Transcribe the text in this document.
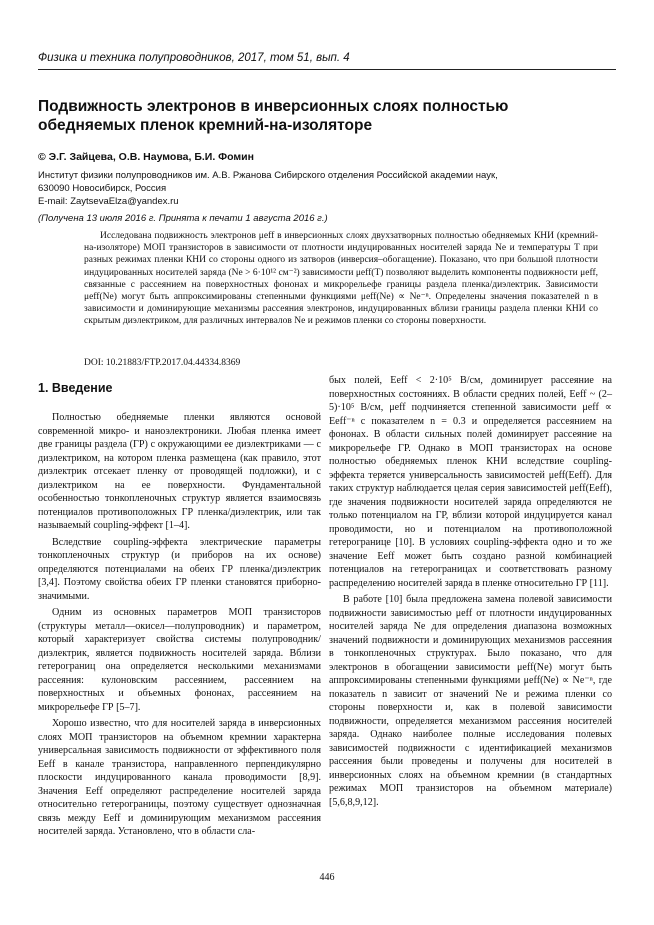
Физика и техника полупроводников, 2017, том 51, вып. 4
Подвижность электронов в инверсионных слоях полностью
обедняемых пленок кремний-на-изоляторе
© Э.Г. Зайцева, О.В. Наумова, Б.И. Фомин
Институт физики полупроводников им. А.В. Ржанова Сибирского отделения Российской академии наук,
630090 Новосибирск, Россия
E-mail: ZaytsevaElza@yandex.ru
(Получена 13 июля 2016 г. Принята к печати 1 августа 2016 г.)

Исследована подвижность электронов μeff в инверсионных слоях двухзатворных полностью обедняемых КНИ (кремний-на-изоляторе) МОП транзисторов в зависимости от плотности индуцированных носителей заряда Ne и температуры T при разных режимах пленки КНИ со стороны одного из затворов (инверсия–обогащение). Показано, что при большой плотности индуцированных носителей заряда (Ne > 6·10¹² см⁻²) зависимости μeff(T) позволяют выделить компоненты подвижности μeff, связанные с рассеянием на поверхностных фононах и микрорельефе границы раздела пленка/диэлектрик. Зависимости μeff(Ne) могут быть аппроксимированы степенными функциями μeff(Ne) ∝ Ne⁻ⁿ. Определены значения показателей n в зависимости и доминирующие механизмы рассеяния электронов, индуцированных вблизи границы раздела пленки КНИ со скрытым диэлектриком, для различных интервалов Ne и режимов пленки со стороны поверхности.

DOI: 10.21883/FTP.2017.04.44334.8369
1. Введение

Полностью обедняемые пленки являются основой современной микро- и наноэлектроники. Любая пленка имеет две границы раздела (ГР) с окружающими ее диэлектриками — с диэлектриком, на котором пленка размещена (как правило, этот диэлектрик отсекает пленку от проводящей подложки), и с диэлектриком на ее поверхности. Фундаментальной особенностью тонкопленочных структур является взаимосвязь потенциалов противоположных ГР пленка/диэлектрик, или так называемый coupling-эффект [1–4].

Вследствие coupling-эффекта электрические параметры тонкопленочных структур (и приборов на их основе) определяются потенциалами на обеих ГР пленка/диэлектрик [3,4]. Поэтому свойства обеих ГР пленки становятся приборно-значимыми.

Одним из основных параметров МОП транзисторов (структуры металл—окисел—полупроводник) и параметром, который характеризует свойства системы полупроводник/диэлектрик, является подвижность носителей заряда. Вблизи гетерограниц она определяется несколькими механизмами рассеяния: кулоновским рассеянием, рассеянием на поверхностных и объемных фононах, рассеянием на микрорельефе ГР [5–7].

Хорошо известно, что для носителей заряда в инверсионных слоях МОП транзисторов на объемном кремнии характерна универсальная зависимость подвижности от эффективного поля Eeff в канале транзистора, направленного перпендикулярно плоскости индуцированного канала проводимости [8,9]. Значения Eeff определяют распределение носителей заряда относительно гетерограницы, поэтому существует однозначная связь между Eeff и доминирующим механизмом рассеяния носителей заряда. Установлено, что в области сла-

бых полей, Eeff < 2·10⁵ В/см, доминирует рассеяние на поверхностных состояниях. В области средних полей, Eeff ~ (2–5)·10⁵ В/см, μeff подчиняется степенной зависимости μeff ∝ Eeff⁻ⁿ с показателем n = 0.3 и определяется рассеянием на фононах. В области сильных полей доминирует рассеяние на микрорельефе ГР. Однако в МОП транзисторах на основе полностью обедняемых пленок КНИ вследствие coupling-эффекта теряется универсальность зависимостей μeff(Eeff). Для таких структур наблюдается целая серия зависимостей μeff(Eeff), где значения подвижности носителей заряда определяются не только потенциалом на ГР, вблизи которой индуцируется канал проводимости, но и потенциалом на противоположной гетерогранице [10]. В условиях coupling-эффекта одно и то же значение Eeff может быть создано разной комбинацией потенциалов на гетерограницах и соответствовать разному распределению носителей заряда в пленке относительно ГР [11].

В работе [10] была предложена замена полевой зависимости подвижности зависимостью μeff от плотности индуцированных носителей заряда Ne для определения диапазона возможных значений подвижности и доминирующих механизмов рассеяния в тонкопленочных структурах. Было показано, что для электронов в обогащении зависимости μeff(Ne) могут быть аппроксимированы степенными функциями μeff(Ne) ∝ Ne⁻ⁿ, где показатель n зависит от значений Ne и режима пленки со стороны поверхности и, как в полевой зависимости подвижности, определяется механизмом рассеяния носителей заряда. Однако наиболее полные исследования полевых зависимостей подвижности с идентификацией механизмов рассеяния были проведены и получены для носителей в инверсионных слоях на объемном кремнии (в стандартных режимах МОП транзисторов на объемном материале) [5,6,8,9,12].

446
